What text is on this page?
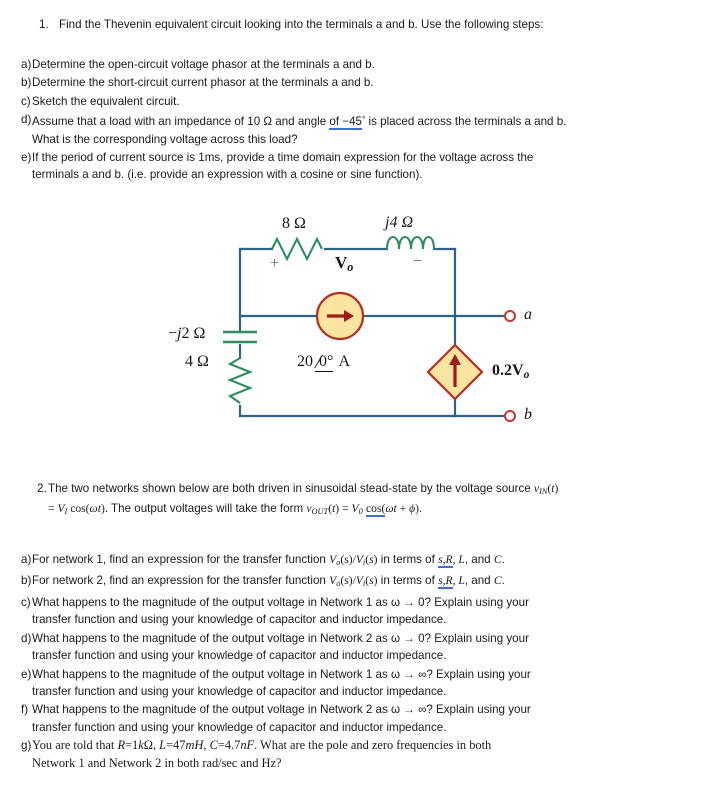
1. Find the Thevenin equivalent circuit looking into the terminals a and b. Use the following steps:
a) Determine the open-circuit voltage phasor at the terminals a and b.
b) Determine the short-circuit current phasor at the terminals a and b.
c) Sketch the equivalent circuit.
d) Assume that a load with an impedance of 10 Ω and angle of −45° is placed across the terminals a and b.
What is the corresponding voltage across this load?
e) If the period of current source is 1ms, provide a time domain expression for the voltage across the
terminals a and b. (i.e. provide an expression with a cosine or sine function).
8 Ω	j4 Ω
−j2 Ω
4 Ω
+	−
$V_o$
20 0° A
$0.2V_o$
a
b
2. The two networks shown below are both driven in sinusoidal stead-state by the voltage source $v_{IN}(t)$
= $V_I$ cos(ωt). The output voltages will take the form $v_{OUT}(t) = V_0$ cos(ωt + ϕ).
a) For network 1, find an expression for the transfer function $V_o(s)/V_i(s)$ in terms of s,R, L, and C.
b) For network 2, find an expression for the transfer function $V_o(s)/V_i(s)$ in terms of s,R, L, and C.
c) What happens to the magnitude of the output voltage in Network 1 as ω → 0? Explain using your
transfer function and using your knowledge of capacitor and inductor impedance.
d) What happens to the magnitude of the output voltage in Network 2 as ω → 0? Explain using your
transfer function and using your knowledge of capacitor and inductor impedance.
e) What happens to the magnitude of the output voltage in Network 1 as ω → ∞? Explain using your
transfer function and using your knowledge of capacitor and inductor impedance.
f) What happens to the magnitude of the output voltage in Network 2 as ω → ∞? Explain using your
transfer function and using your knowledge of capacitor and inductor impedance.
g) You are told that R=1kΩ, L=47mH, C=4.7nF. What are the pole and zero frequencies in both
Network 1 and Network 2 in both rad/sec and Hz?
